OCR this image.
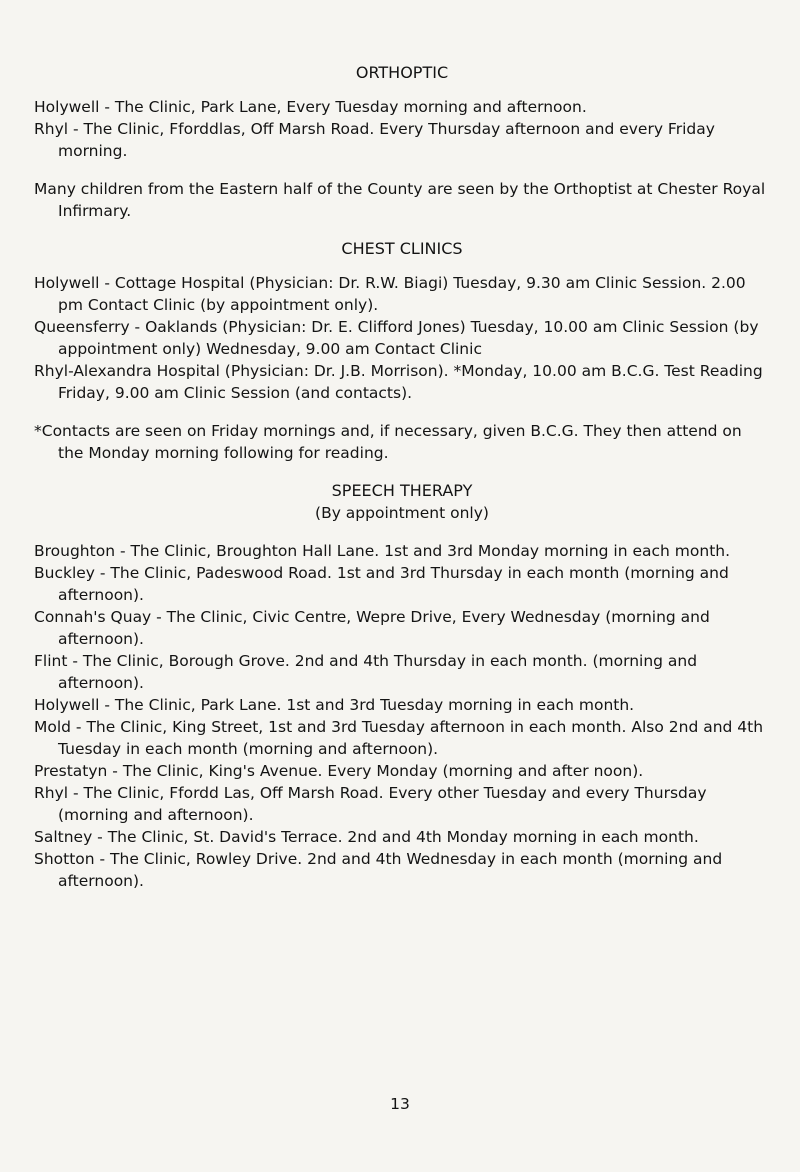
ORTHOPTIC

Holywell - The Clinic, Park Lane, Every Tuesday morning and afternoon.

Rhyl - The Clinic, Fforddlas, Off Marsh Road. Every Thursday afternoon and every Friday morning.

Many children from the Eastern half of the County are seen by the Orthoptist at Chester Royal Infirmary.

CHEST CLINICS

Holywell - Cottage Hospital (Physician: Dr. R.W. Biagi) Tuesday, 9.30 am Clinic Session. 2.00 pm Contact Clinic (by appointment only).

Queensferry - Oaklands (Physician: Dr. E. Clifford Jones) Tuesday, 10.00 am Clinic Session (by appointment only) Wednesday, 9.00 am Contact Clinic

Rhyl-Alexandra Hospital (Physician: Dr. J.B. Morrison). *Monday, 10.00 am B.C.G. Test Reading Friday, 9.00 am Clinic Session (and contacts).

*Contacts are seen on Friday mornings and, if necessary, given B.C.G. They then attend on the Monday morning following for reading.

SPEECH THERAPY

(By appointment only)

Broughton - The Clinic, Broughton Hall Lane. 1st and 3rd Monday morning in each month.

Buckley - The Clinic, Padeswood Road. 1st and 3rd Thursday in each month (morning and afternoon).

Connah's Quay - The Clinic, Civic Centre, Wepre Drive, Every Wednesday (morning and afternoon).

Flint - The Clinic, Borough Grove. 2nd and 4th Thursday in each month. (morning and afternoon).

Holywell - The Clinic, Park Lane. 1st and 3rd Tuesday morning in each month.

Mold - The Clinic, King Street, 1st and 3rd Tuesday afternoon in each month. Also 2nd and 4th Tuesday in each month (morning and afternoon).

Prestatyn - The Clinic, King's Avenue. Every Monday (morning and after noon).

Rhyl - The Clinic, Ffordd Las, Off Marsh Road. Every other Tuesday and every Thursday (morning and afternoon).

Saltney - The Clinic, St. David's Terrace. 2nd and 4th Monday morning in each month.

Shotton - The Clinic, Rowley Drive. 2nd and 4th Wednesday in each month (morning and afternoon).

13
